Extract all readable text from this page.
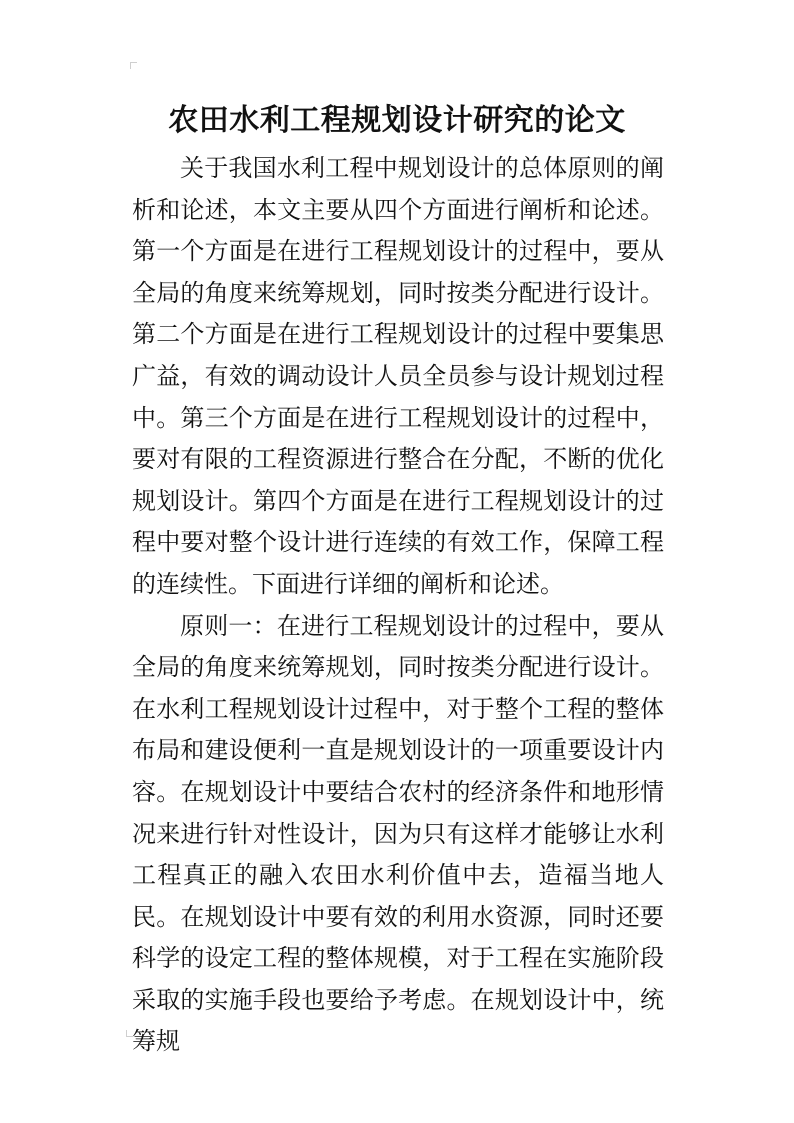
农田水利工程规划设计研究的论文

关于我国水利工程中规划设计的总体原则的阐析和论述，本文主要从四个方面进行阐析和论述。第一个方面是在进行工程规划设计的过程中，要从全局的角度来统筹规划，同时按类分配进行设计。第二个方面是在进行工程规划设计的过程中要集思广益，有效的调动设计人员全员参与设计规划过程中。第三个方面是在进行工程规划设计的过程中，要对有限的工程资源进行整合在分配，不断的优化规划设计。第四个方面是在进行工程规划设计的过程中要对整个设计进行连续的有效工作，保障工程的连续性。下面进行详细的阐析和论述。

原则一：在进行工程规划设计的过程中，要从全局的角度来统筹规划，同时按类分配进行设计。在水利工程规划设计过程中，对于整个工程的整体布局和建设便利一直是规划设计的一项重要设计内容。在规划设计中要结合农村的经济条件和地形情况来进行针对性设计，因为只有这样才能够让水利工程真正的融入农田水利价值中去，造福当地人民。在规划设计中要有效的利用水资源，同时还要科学的设定工程的整体规模，对于工程在实施阶段采取的实施手段也要给予考虑。在规划设计中，统筹规
